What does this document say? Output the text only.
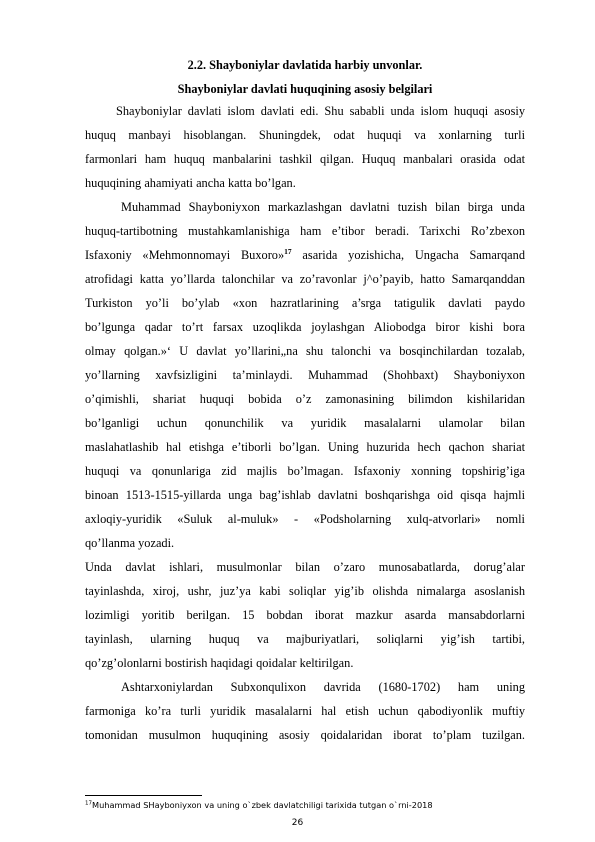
2.2. Shayboniylar davlatida harbiy unvonlar.
Shayboniylar davlati huquqining asosiy belgilari
Shayboniylar davlati islom davlati edi. Shu sababli unda islom huquqi asosiy
huquq manbayi hisoblangan. Shuningdek, odat huquqi va xonlarning turli
farmonlari ham huquq manbalarini tashkil qilgan. Huquq manbalari orasida odat
huquqining ahamiyati ancha katta bo’lgan.
Muhammad Shayboniyxon markazlashgan davlatni tuzish bilan birga unda
huquq-tartibotning mustahkamlanishiga ham e’tibor beradi. Tarixchi Ro’zbexon
Isfaxoniy «Mehmonnomayi Buxoro»$^{17}$ asarida yozishicha, Ungacha Samarqand
atrofidagi katta yo’llarda talonchilar va zo’ravonlar j^o’payib, hatto Samarqanddan
Turkiston yo’li bo’ylab «xon hazratlarining a’srga tatigulik davlati paydo
bo’lgunga qadar to’rt farsax uzoqlikda joylashgan Aliobodga biror kishi bora
olmay qolgan.»‘ U davlat yo’llarini„na shu talonchi va bosqinchilardan tozalab,
yo’llarning xavfsizligini ta’minlaydi. Muhammad (Shohbaxt) Shayboniyxon
o’qimishli, shariat huquqi bobida o’z zamonasining bilimdon kishilaridan
bo’lganligi uchun qonunchilik va yuridik masalalarni ulamolar bilan
maslahatlashib hal etishga e’tiborli bo’lgan. Uning huzurida hech qachon shariat
huquqi va qonunlariga zid majlis bo’lmagan. Isfaxoniy xonning topshirig’iga
binoan 1513-1515-yillarda unga bag’ishlab davlatni boshqarishga oid qisqa hajmli
axloqiy-yuridik «Suluk al-muluk» - «Podsholarning xulq-atvorlari» nomli
qo’llanma yozadi.
Unda davlat ishlari, musulmonlar bilan o’zaro munosabatlarda, dorug’alar
tayinlashda, xiroj, ushr, juz’ya kabi soliqlar yig’ib olishda nimalarga asoslanish
lozimligi yoritib berilgan. 15 bobdan iborat mazkur asarda mansabdorlarni
tayinlash, ularning huquq va majburiyatlari, soliqlarni yig’ish tartibi,
qo’zg’olonlarni bostirish haqidagi qoidalar keltirilgan.
Ashtarxoniylardan Subxonqulixon davrida (1680-1702) ham uning
farmoniga ko’ra turli yuridik masalalarni hal etish uchun qabodiyonlik muftiy
tomonidan musulmon huquqining asosiy qoidalaridan iborat to’plam tuzilgan.
$^{17}$Muhammad SHayboniyxon va uning o`zbek davlatchiligi tarixida tutgan o`rni-2018
26
